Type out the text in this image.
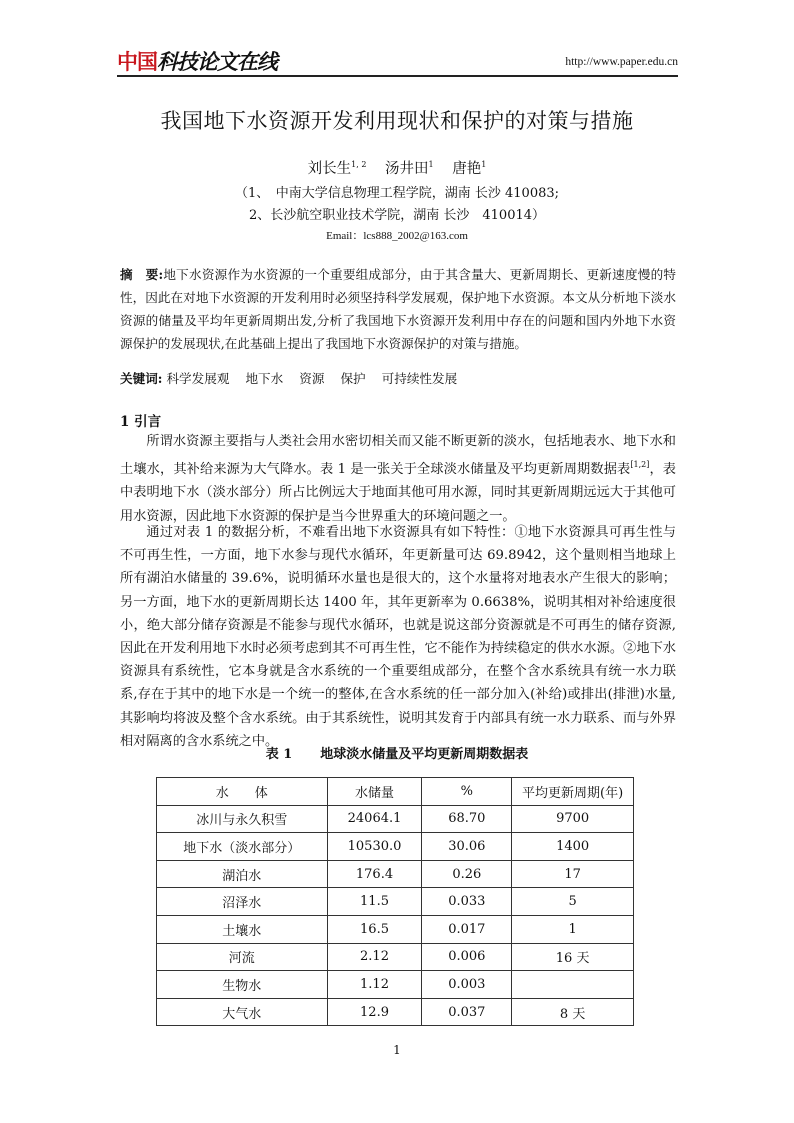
中国科技论文在线	http://www.paper.edu.cn
我国地下水资源开发利用现状和保护的对策与措施
刘长生$^{1, 2}$ 汤井田$^1$ 唐艳$^1$
（1、　中南大学信息物理工程学院，湖南 长沙 410083;
2、长沙航空职业技术学院，湖南 长沙　410014）
Email：lcs888_2002@163.com
摘　要:地下水资源作为水资源的一个重要组成部分，由于其含量大、更新周期长、更新速度慢的特性，因此在对地下水资源的开发利用时必须坚持科学发展观，保护地下水资源。本文从分析地下淡水资源的储量及平均年更新周期出发,分析了我国地下水资源开发利用中存在的问题和国内外地下水资源保护的发展现状,在此基础上提出了我国地下水资源保护的对策与措施。
关键词: 科学发展观 地下水 资源 保护 可持续性发展
1 引言
所谓水资源主要指与人类社会用水密切相关而又能不断更新的淡水，包括地表水、地下水和土壤水，其补给来源为大气降水。表 1 是一张关于全球淡水储量及平均更新周期数据表[1,2]，表中表明地下水（淡水部分）所占比例远大于地面其他可用水源，同时其更新周期远远大于其他可用水资源，因此地下水资源的保护是当今世界重大的环境问题之一。
通过对表 1 的数据分析，不难看出地下水资源具有如下特性：①地下水资源具可再生性与不可再生性，一方面，地下水参与现代水循环，年更新量可达 69.8942，这个量则相当地球上所有湖泊水储量的 39.6%，说明循环水量也是很大的，这个水量将对地表水产生很大的影响；另一方面，地下水的更新周期长达 1400 年，其年更新率为 0.6638%，说明其相对补给速度很小，绝大部分储存资源是不能参与现代水循环，也就是说这部分资源就是不可再生的储存资源,因此在开发利用地下水时必须考虑到其不可再生性，它不能作为持续稳定的供水水源。②地下水资源具有系统性，它本身就是含水系统的一个重要组成部分，在整个含水系统具有统一水力联系,存在于其中的地下水是一个统一的整体,在含水系统的任一部分加入(补给)或排出(排泄)水量,其影响均将波及整个含水系统。由于其系统性，说明其发育于内部具有统一水力联系、而与外界相对隔离的含水系统之中。
表 1 地球淡水储量及平均更新周期数据表
水　　体	水储量	%	平均更新周期(年)
冰川与永久积雪	24064.1	68.70	9700
地下水（淡水部分）	10530.0	30.06	1400
湖泊水	176.4	0.26	17
沼泽水	11.5	0.033	5
土壤水	16.5	0.017	1
河流	2.12	0.006	16 天
生物水	1.12	0.003	
大气水	12.9	0.037	8 天
1
